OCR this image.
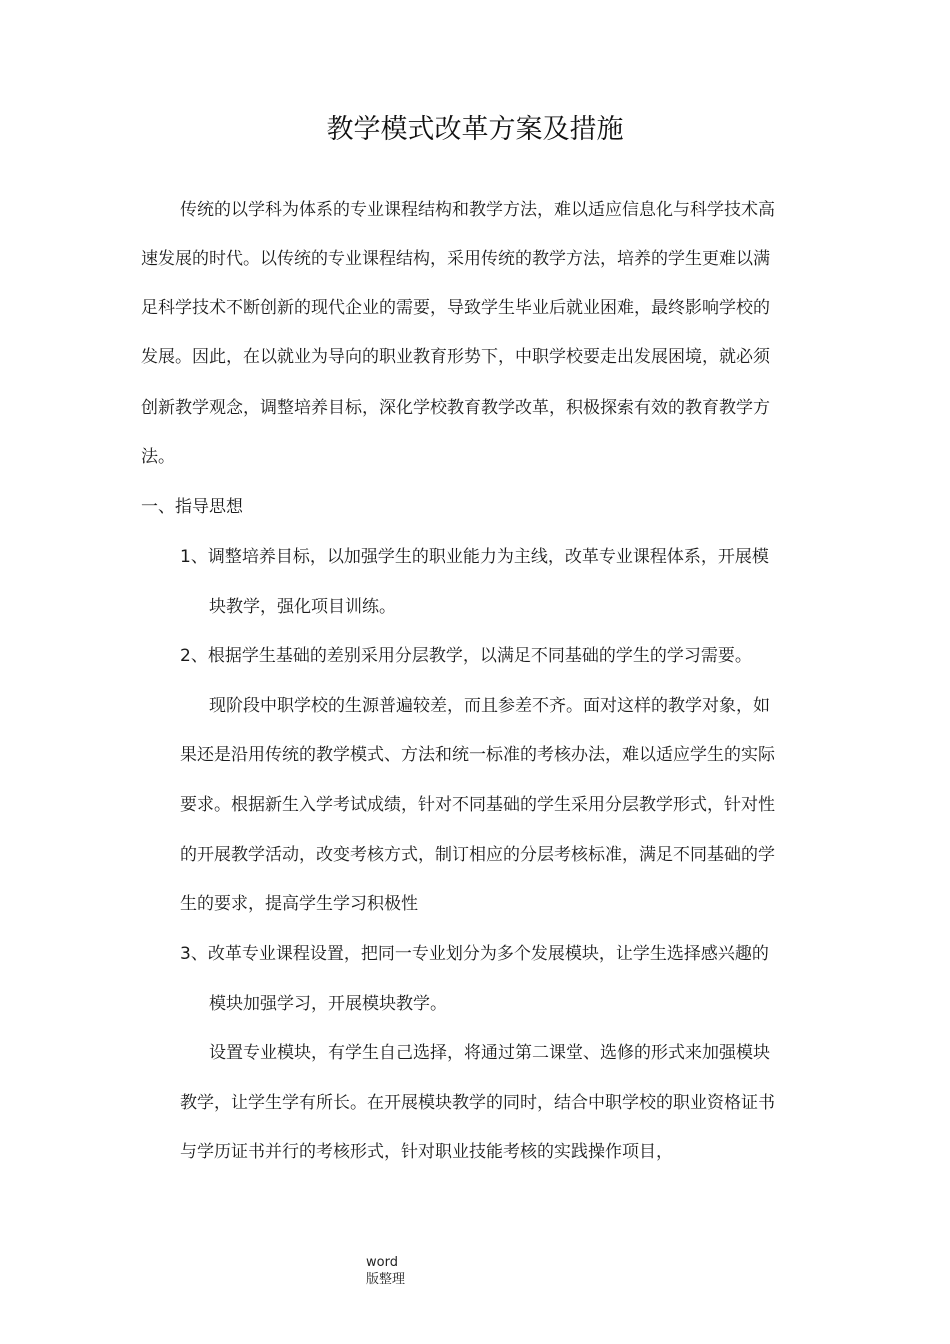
教学模式改革方案及措施
传统的以学科为体系的专业课程结构和教学方法，难以适应信息化与科学技术高
速发展的时代。以传统的专业课程结构，采用传统的教学方法，培养的学生更难以满
足科学技术不断创新的现代企业的需要，导致学生毕业后就业困难，最终影响学校的
发展。因此，在以就业为导向的职业教育形势下，中职学校要走出发展困境，就必须
创新教学观念，调整培养目标，深化学校教育教学改革，积极探索有效的教育教学方
法。
一、指导思想
1、调整培养目标，以加强学生的职业能力为主线，改革专业课程体系，开展模
块教学，强化项目训练。
2、根据学生基础的差别采用分层教学，以满足不同基础的学生的学习需要。
现阶段中职学校的生源普遍较差，而且参差不齐。面对这样的教学对象，如
果还是沿用传统的教学模式、方法和统一标准的考核办法，难以适应学生的实际
要求。根据新生入学考试成绩，针对不同基础的学生采用分层教学形式，针对性
的开展教学活动，改变考核方式，制订相应的分层考核标准，满足不同基础的学
生的要求，提高学生学习积极性
3、改革专业课程设置，把同一专业划分为多个发展模块，让学生选择感兴趣的
模块加强学习，开展模块教学。
设置专业模块，有学生自己选择，将通过第二课堂、选修的形式来加强模块
教学，让学生学有所长。在开展模块教学的同时，结合中职学校的职业资格证书
与学历证书并行的考核形式，针对职业技能考核的实践操作项目，
word
版整理
